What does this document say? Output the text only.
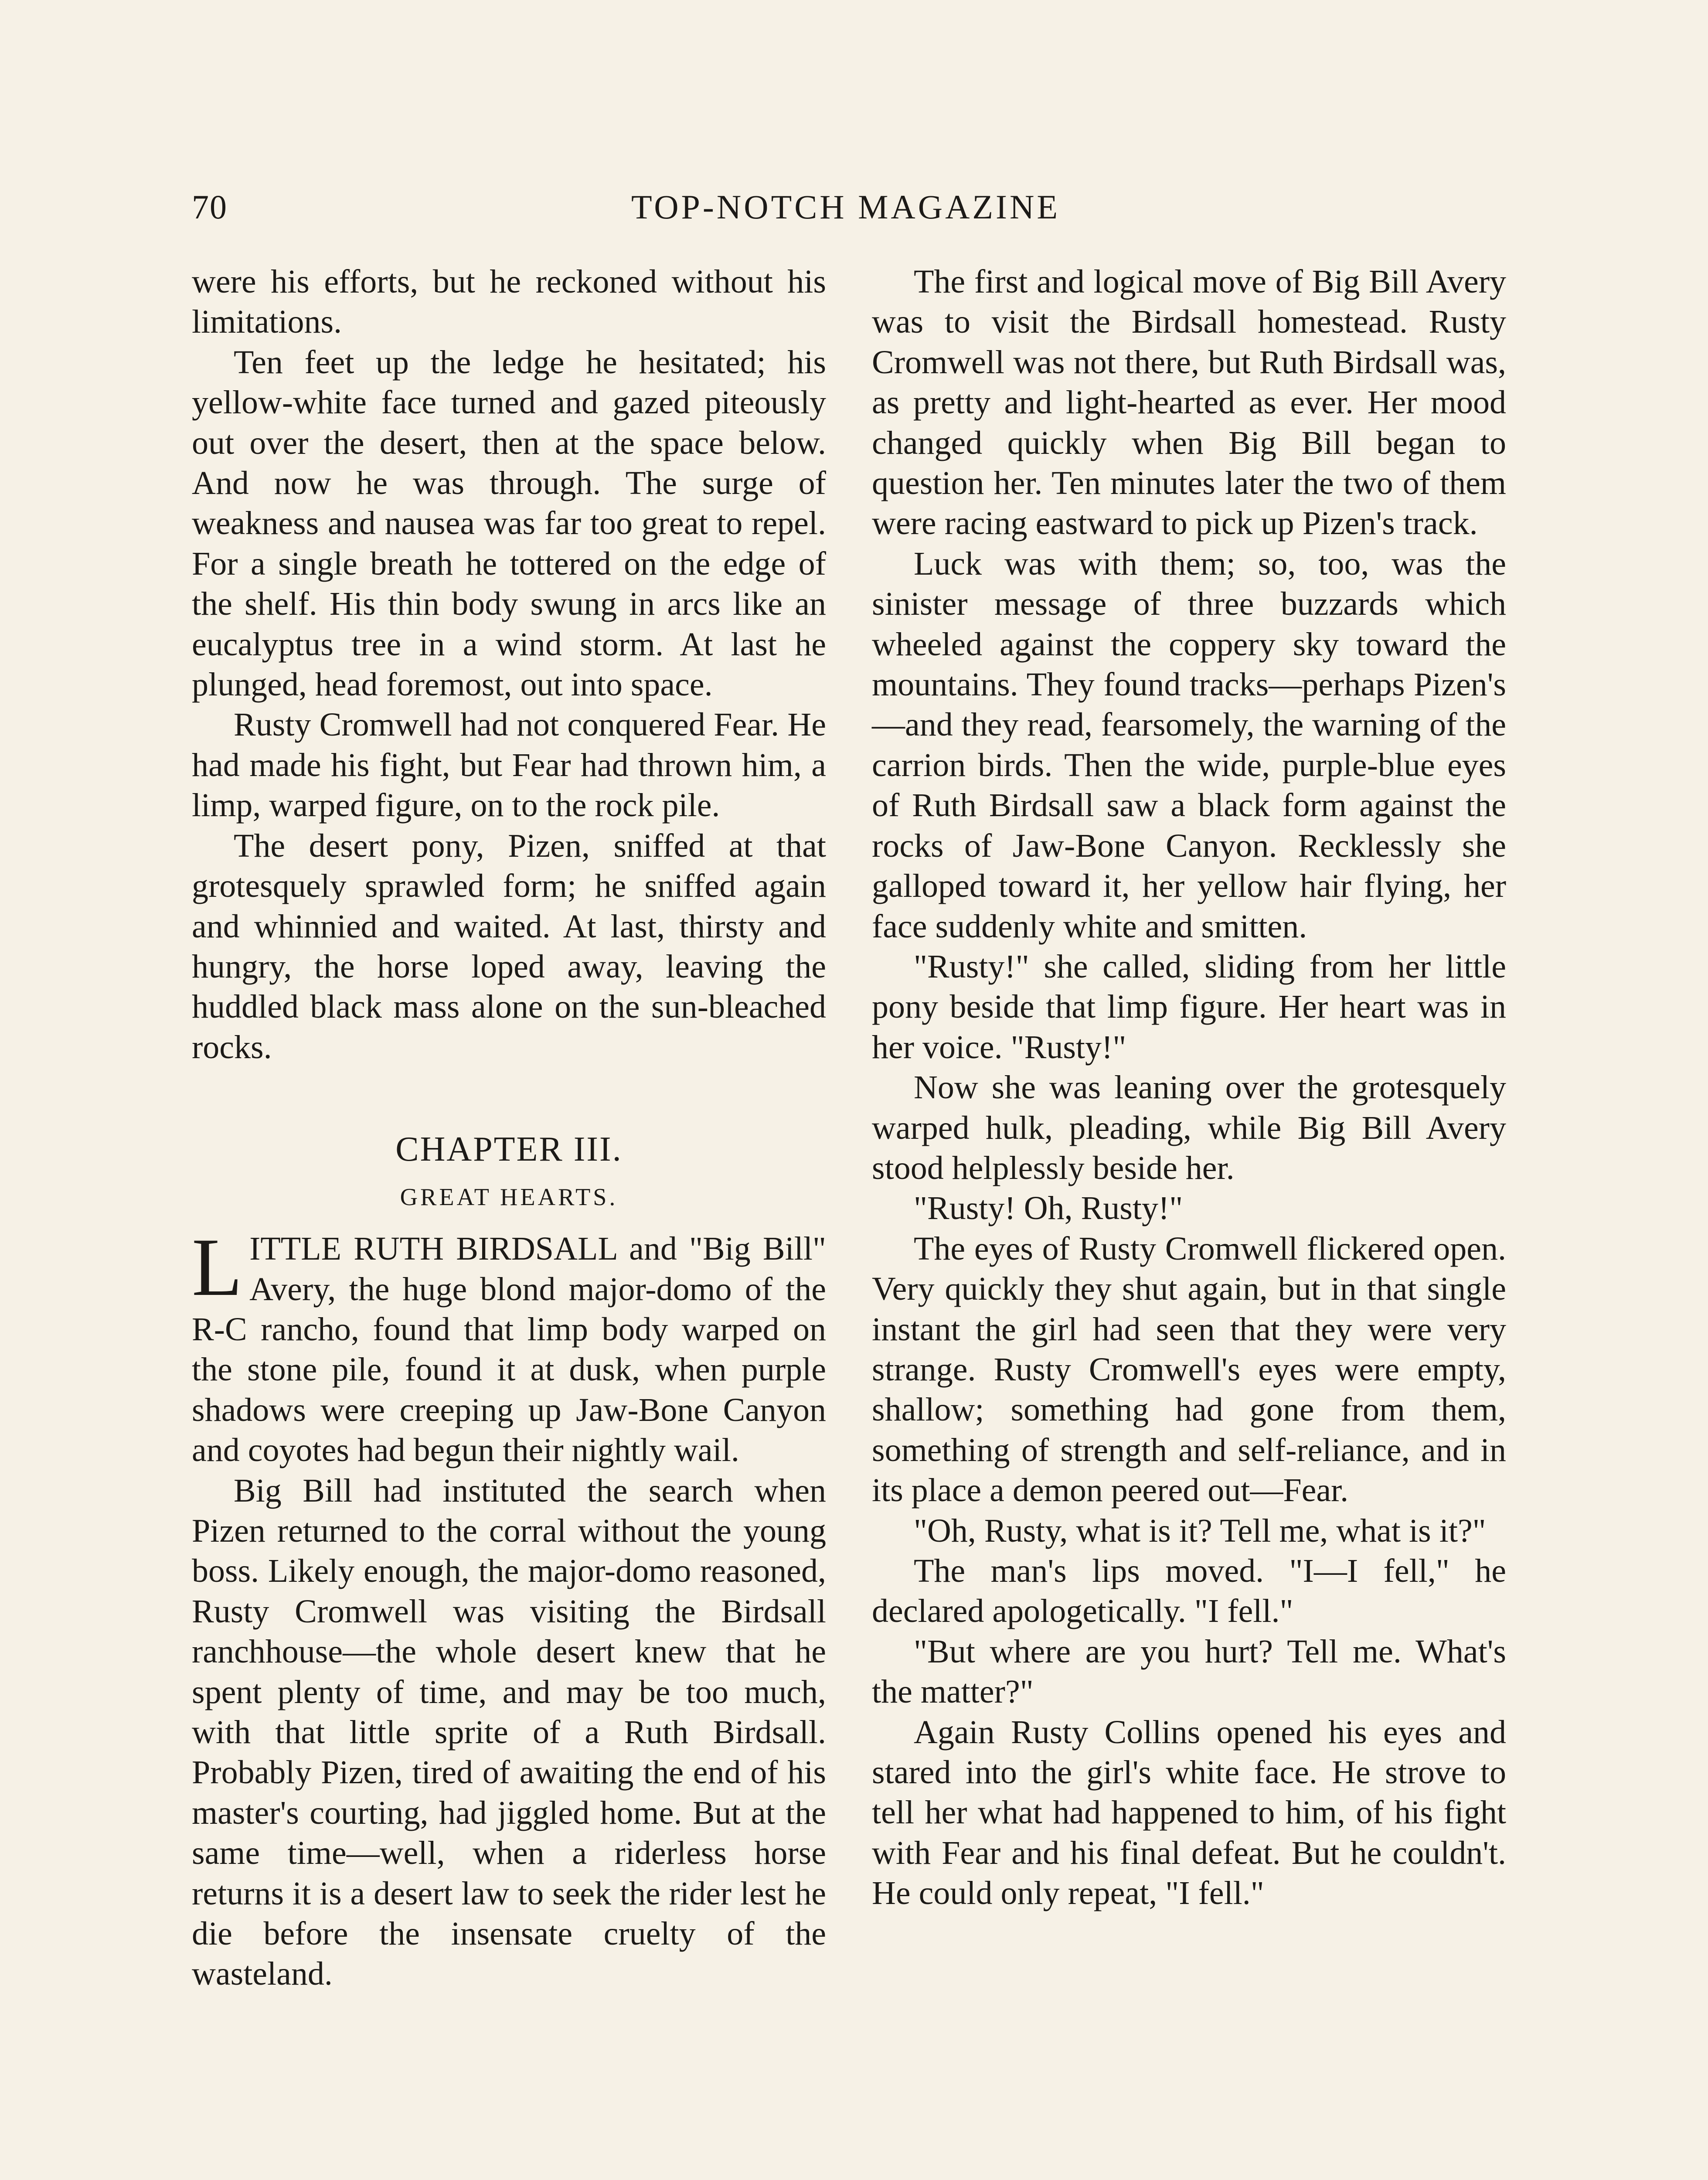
70	TOP-NOTCH MAGAZINE

were his efforts, but he reckoned without his limitations.

Ten feet up the ledge he hesitated; his yellow-white face turned and gazed piteously out over the desert, then at the space below. And now he was through. The surge of weakness and nausea was far too great to repel. For a single breath he tottered on the edge of the shelf. His thin body swung in arcs like an eucalyptus tree in a wind storm. At last he plunged, head foremost, out into space.

Rusty Cromwell had not conquered Fear. He had made his fight, but Fear had thrown him, a limp, warped figure, on to the rock pile.

The desert pony, Pizen, sniffed at that grotesquely sprawled form; he sniffed again and whinnied and waited. At last, thirsty and hungry, the horse loped away, leaving the huddled black mass alone on the sun-bleached rocks.

CHAPTER III.
GREAT HEARTS.

LITTLE RUTH BIRDSALL and "Big Bill" Avery, the huge blond major-domo of the R-C rancho, found that limp body warped on the stone pile, found it at dusk, when purple shadows were creeping up Jaw-Bone Canyon and coyotes had begun their nightly wail.

Big Bill had instituted the search when Pizen returned to the corral without the young boss. Likely enough, the major-domo reasoned, Rusty Cromwell was visiting the Birdsall ranchhouse—the whole desert knew that he spent plenty of time, and may be too much, with that little sprite of a Ruth Birdsall. Probably Pizen, tired of awaiting the end of his master's courting, had jiggled home. But at the same time—well, when a riderless horse returns it is a desert law to seek the rider lest he die before the insensate cruelty of the wasteland.

The first and logical move of Big Bill Avery was to visit the Birdsall homestead. Rusty Cromwell was not there, but Ruth Birdsall was, as pretty and light-hearted as ever. Her mood changed quickly when Big Bill began to question her. Ten minutes later the two of them were racing eastward to pick up Pizen's track.

Luck was with them; so, too, was the sinister message of three buzzards which wheeled against the coppery sky toward the mountains. They found tracks—perhaps Pizen's—and they read, fearsomely, the warning of the carrion birds. Then the wide, purple-blue eyes of Ruth Birdsall saw a black form against the rocks of Jaw-Bone Canyon. Recklessly she galloped toward it, her yellow hair flying, her face suddenly white and smitten.

"Rusty!" she called, sliding from her little pony beside that limp figure. Her heart was in her voice. "Rusty!"

Now she was leaning over the grotesquely warped hulk, pleading, while Big Bill Avery stood helplessly beside her.

"Rusty! Oh, Rusty!"

The eyes of Rusty Cromwell flickered open. Very quickly they shut again, but in that single instant the girl had seen that they were very strange. Rusty Cromwell's eyes were empty, shallow; something had gone from them, something of strength and self-reliance, and in its place a demon peered out—Fear.

"Oh, Rusty, what is it? Tell me, what is it?"

The man's lips moved. "I—I fell," he declared apologetically. "I fell."

"But where are you hurt? Tell me. What's the matter?"

Again Rusty Collins opened his eyes and stared into the girl's white face. He strove to tell her what had happened to him, of his fight with Fear and his final defeat. But he couldn't. He could only repeat, "I fell."
